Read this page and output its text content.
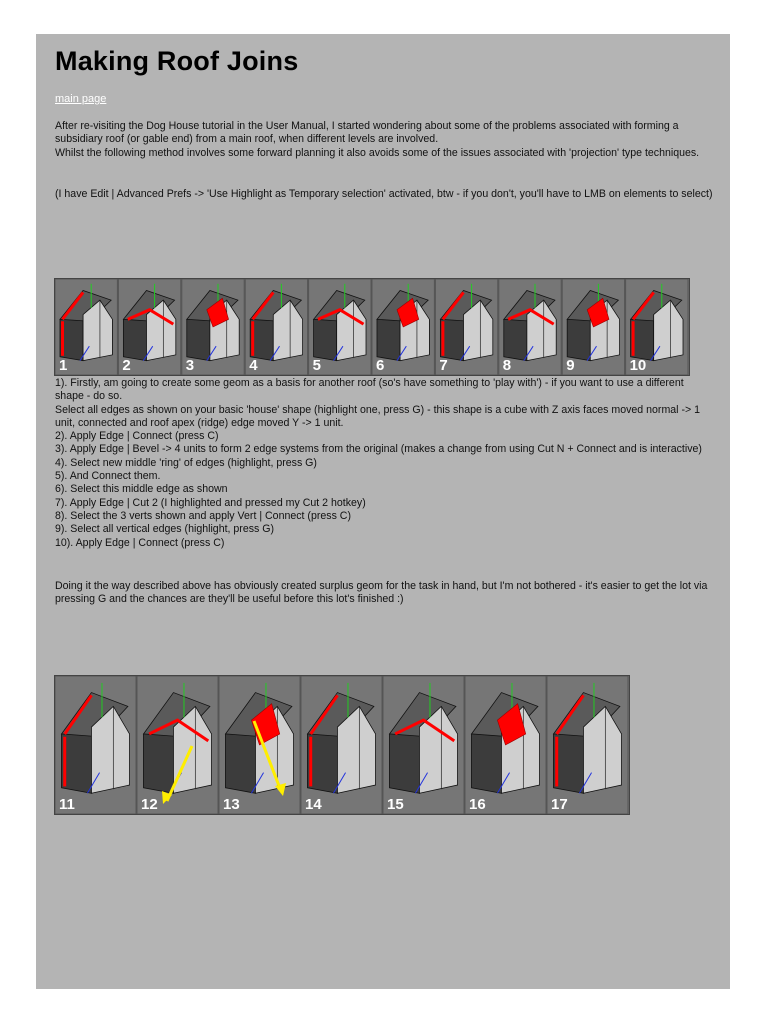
Making Roof Joins
main page

After re-visiting the Dog House tutorial in the User Manual, I started wondering about some of the problems associated with forming a subsidiary roof (or gable end) from a main roof, when different levels are involved.

Whilst the following method involves some forward planning it also avoids some of the issues associated with 'projection' type techniques.

(I have Edit | Advanced Prefs -> 'Use Highlight as Temporary selection' activated, btw - if you don't, you'll have to LMB on elements to select)

1	2	3	4	5	6	7	8	9	10

1). Firstly, am going to create some geom as a basis for another roof (so's have something to 'play with') - if you want to use a different shape - do so.

Select all edges as shown on your basic 'house' shape (highlight one, press G) - this shape is a cube with Z axis faces moved normal -> 1 unit, connected and roof apex (ridge) edge moved Y -> 1 unit.

2). Apply Edge | Connect (press C)

3). Apply Edge | Bevel -> 4 units to form 2 edge systems from the original (makes a change from using Cut N + Connect and is interactive)

4). Select new middle 'ring' of edges (highlight, press G)

5). And Connect them.

6). Select this middle edge as shown

7). Apply Edge | Cut 2 (I highlighted and pressed my Cut 2 hotkey)

8). Select the 3 verts shown and apply Vert | Connect (press C)

9). Select all vertical edges (highlight, press G)

10). Apply Edge | Connect (press C)

Doing it the way described above has obviously created surplus geom for the task in hand, but I'm not bothered - it's easier to get the lot via pressing G and the chances are they'll be useful before this lot's finished :)

11	12	13	14	15	16	17
